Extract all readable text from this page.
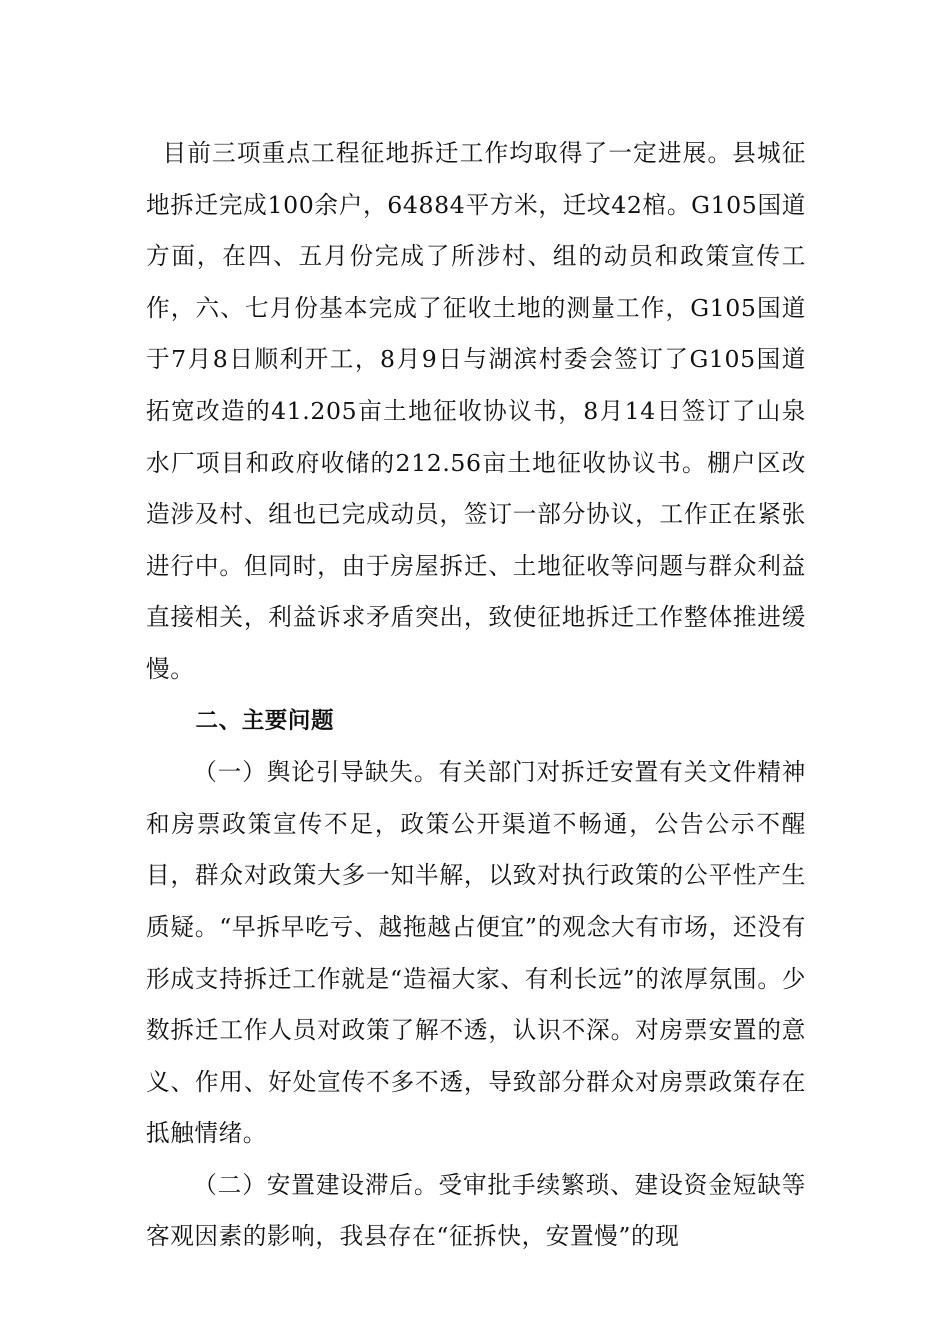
目前三项重点工程征地拆迁工作均取得了一定进展。县城征地拆迁完成100余户，64884平方米，迁坟42棺。G105国道方面，在四、五月份完成了所涉村、组的动员和政策宣传工作，六、七月份基本完成了征收土地的测量工作，G105国道于7月8日顺利开工，8月9日与湖滨村委会签订了G105国道拓宽改造的41.205亩土地征收协议书，8月14日签订了山泉水厂项目和政府收储的212.56亩土地征收协议书。棚户区改造涉及村、组也已完成动员，签订一部分协议，工作正在紧张进行中。但同时，由于房屋拆迁、土地征收等问题与群众利益直接相关，利益诉求矛盾突出，致使征地拆迁工作整体推进缓慢。

二、主要问题

（一）舆论引导缺失。有关部门对拆迁安置有关文件精神和房票政策宣传不足，政策公开渠道不畅通，公告公示不醒目，群众对政策大多一知半解，以致对执行政策的公平性产生质疑。“早拆早吃亏、越拖越占便宜”的观念大有市场，还没有形成支持拆迁工作就是“造福大家、有利长远”的浓厚氛围。少数拆迁工作人员对政策了解不透，认识不深。对房票安置的意义、作用、好处宣传不多不透，导致部分群众对房票政策存在抵触情绪。

（二）安置建设滞后。受审批手续繁琐、建设资金短缺等客观因素的影响，我县存在“征拆快，安置慢”的现
